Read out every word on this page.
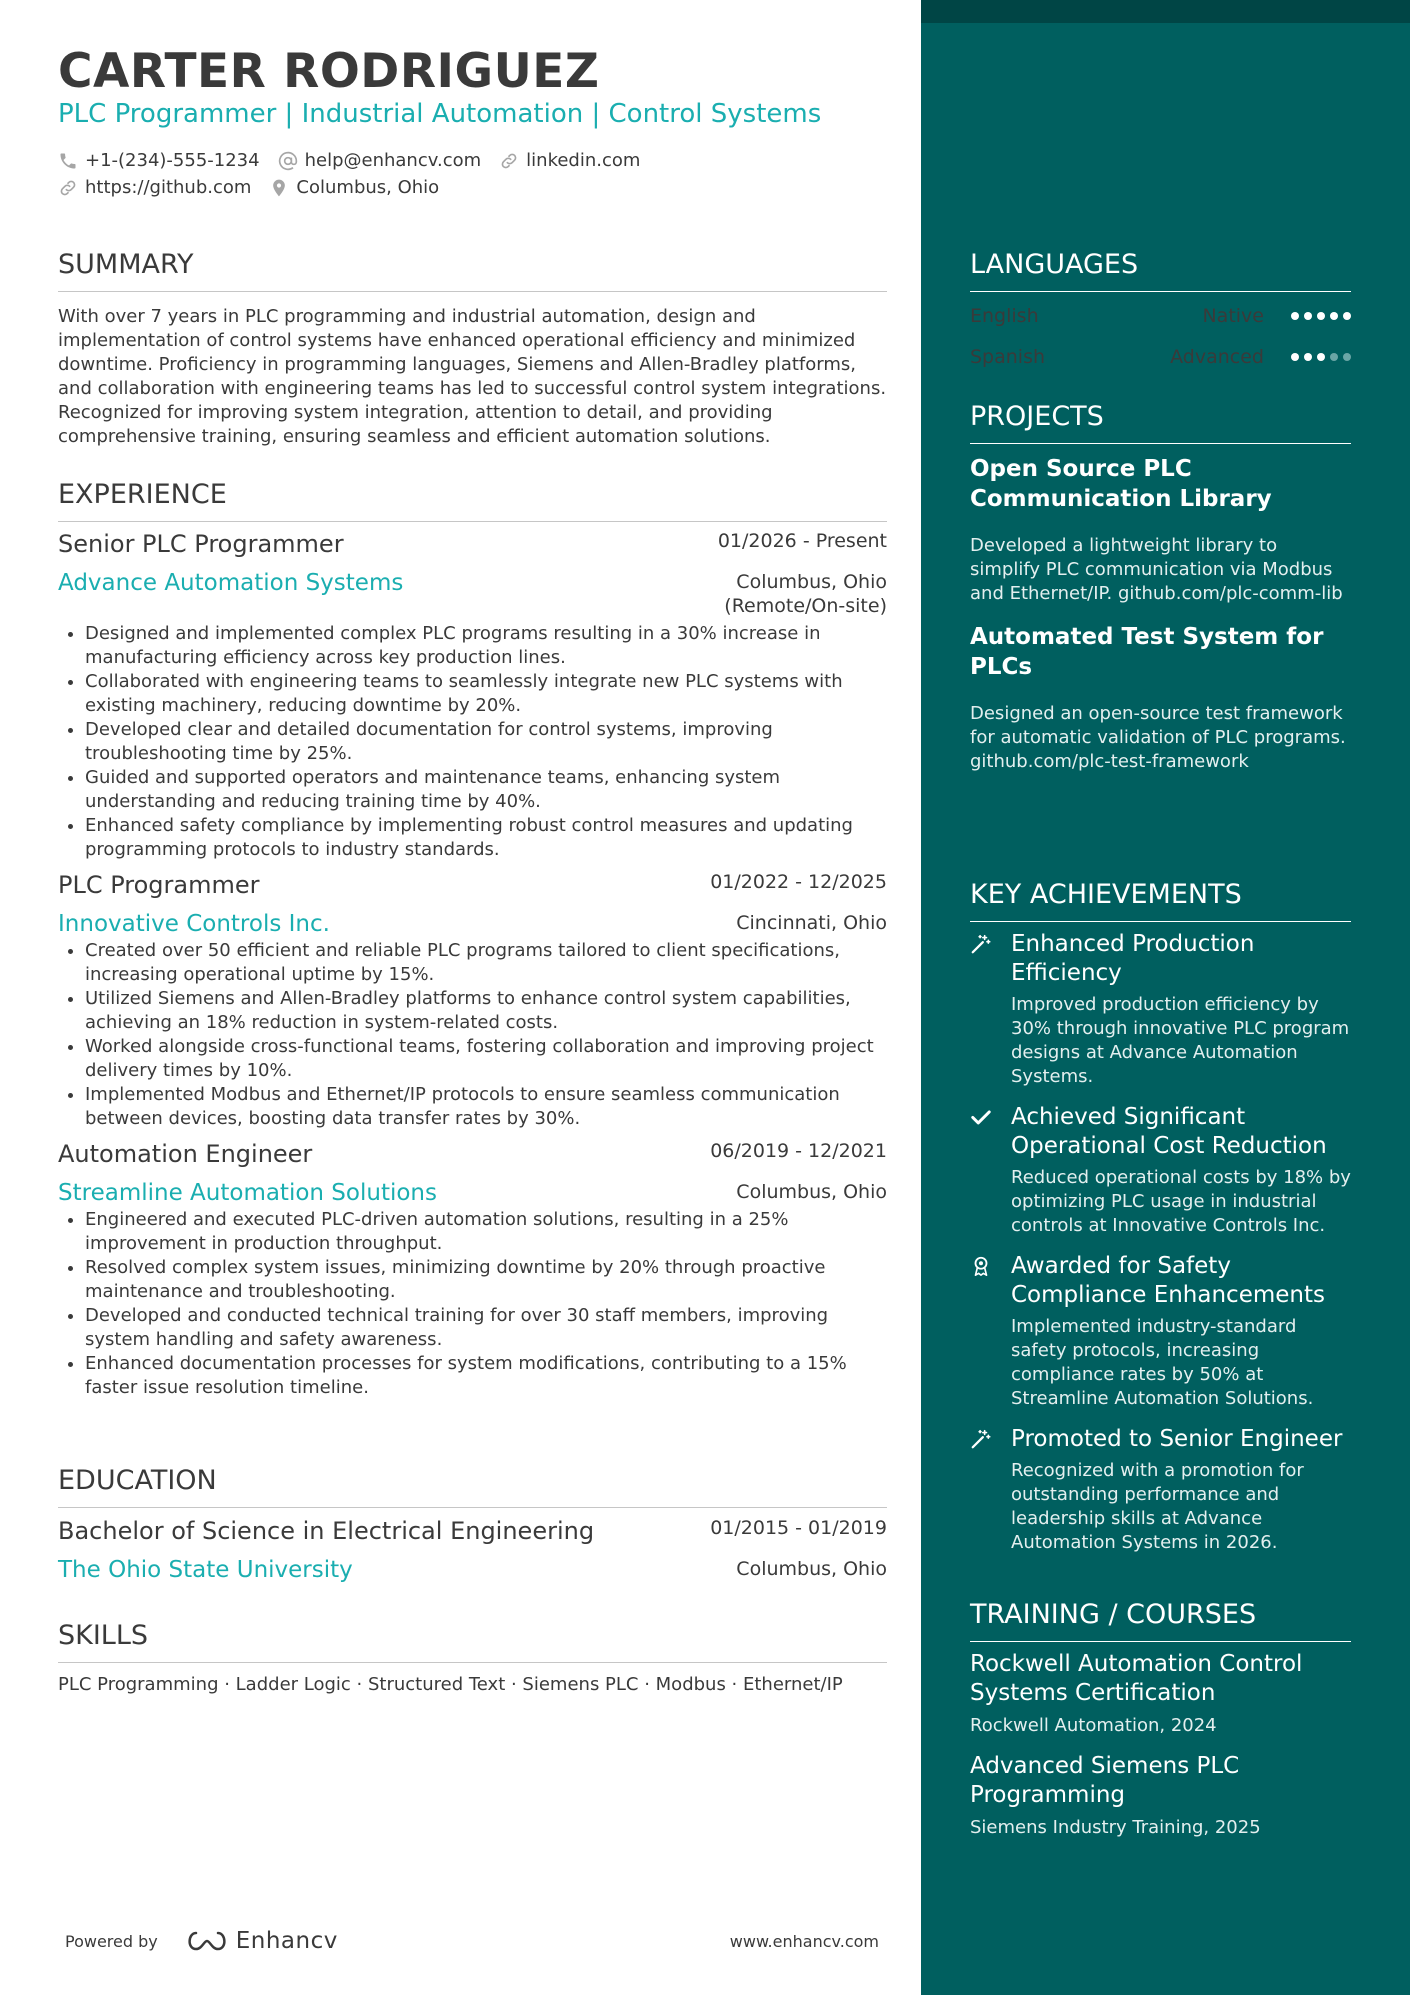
CARTER RODRIGUEZ
PLC Programmer | Industrial Automation | Control Systems
+1-(234)-555-1234	help@enhancv.com	linkedin.com
https://github.com	Columbus, Ohio
SUMMARY

With over 7 years in PLC programming and industrial automation, design and implementation of control systems have enhanced operational efficiency and minimized downtime. Proficiency in programming languages, Siemens and Allen-Bradley platforms, and collaboration with engineering teams has led to successful control system integrations. Recognized for improving system integration, attention to detail, and providing comprehensive training, ensuring seamless and efficient automation solutions.

EXPERIENCE
Senior PLC Programmer	01/2026 - Present
Advance Automation Systems	Columbus, Ohio
(Remote/On-site)
• Designed and implemented complex PLC programs resulting in a 30% increase in manufacturing efficiency across key production lines.
• Collaborated with engineering teams to seamlessly integrate new PLC systems with existing machinery, reducing downtime by 20%.
• Developed clear and detailed documentation for control systems, improving troubleshooting time by 25%.
• Guided and supported operators and maintenance teams, enhancing system understanding and reducing training time by 40%.
• Enhanced safety compliance by implementing robust control measures and updating programming protocols to industry standards.
PLC Programmer	01/2022 - 12/2025
Innovative Controls Inc.	Cincinnati, Ohio
• Created over 50 efficient and reliable PLC programs tailored to client specifications, increasing operational uptime by 15%.
• Utilized Siemens and Allen-Bradley platforms to enhance control system capabilities, achieving an 18% reduction in system-related costs.
• Worked alongside cross-functional teams, fostering collaboration and improving project delivery times by 10%.
• Implemented Modbus and Ethernet/IP protocols to ensure seamless communication between devices, boosting data transfer rates by 30%.
Automation Engineer	06/2019 - 12/2021
Streamline Automation Solutions	Columbus, Ohio
• Engineered and executed PLC-driven automation solutions, resulting in a 25% improvement in production throughput.
• Resolved complex system issues, minimizing downtime by 20% through proactive maintenance and troubleshooting.
• Developed and conducted technical training for over 30 staff members, improving system handling and safety awareness.
• Enhanced documentation processes for system modifications, contributing to a 15% faster issue resolution timeline.
EDUCATION
Bachelor of Science in Electrical Engineering	01/2015 - 01/2019
The Ohio State University	Columbus, Ohio
SKILLS
PLC Programming · Ladder Logic · Structured Text · Siemens PLC · Modbus · Ethernet/IP
Powered by	Enhancv	www.enhancv.com
LANGUAGES
English	Native
Spanish	Advanced
PROJECTS
Open Source PLC Communication Library
Developed a lightweight library to simplify PLC communication via Modbus and Ethernet/IP. github.com/plc-comm-lib
Automated Test System for PLCs
Designed an open-source test framework for automatic validation of PLC programs. github.com/plc-test-framework
KEY ACHIEVEMENTS
Enhanced Production Efficiency
Improved production efficiency by 30% through innovative PLC program designs at Advance Automation Systems.
Achieved Significant Operational Cost Reduction
Reduced operational costs by 18% by optimizing PLC usage in industrial controls at Innovative Controls Inc.
Awarded for Safety Compliance Enhancements
Implemented industry-standard safety protocols, increasing compliance rates by 50% at Streamline Automation Solutions.
Promoted to Senior Engineer
Recognized with a promotion for outstanding performance and leadership skills at Advance Automation Systems in 2026.
TRAINING / COURSES
Rockwell Automation Control Systems Certification
Rockwell Automation, 2024
Advanced Siemens PLC Programming
Siemens Industry Training, 2025
